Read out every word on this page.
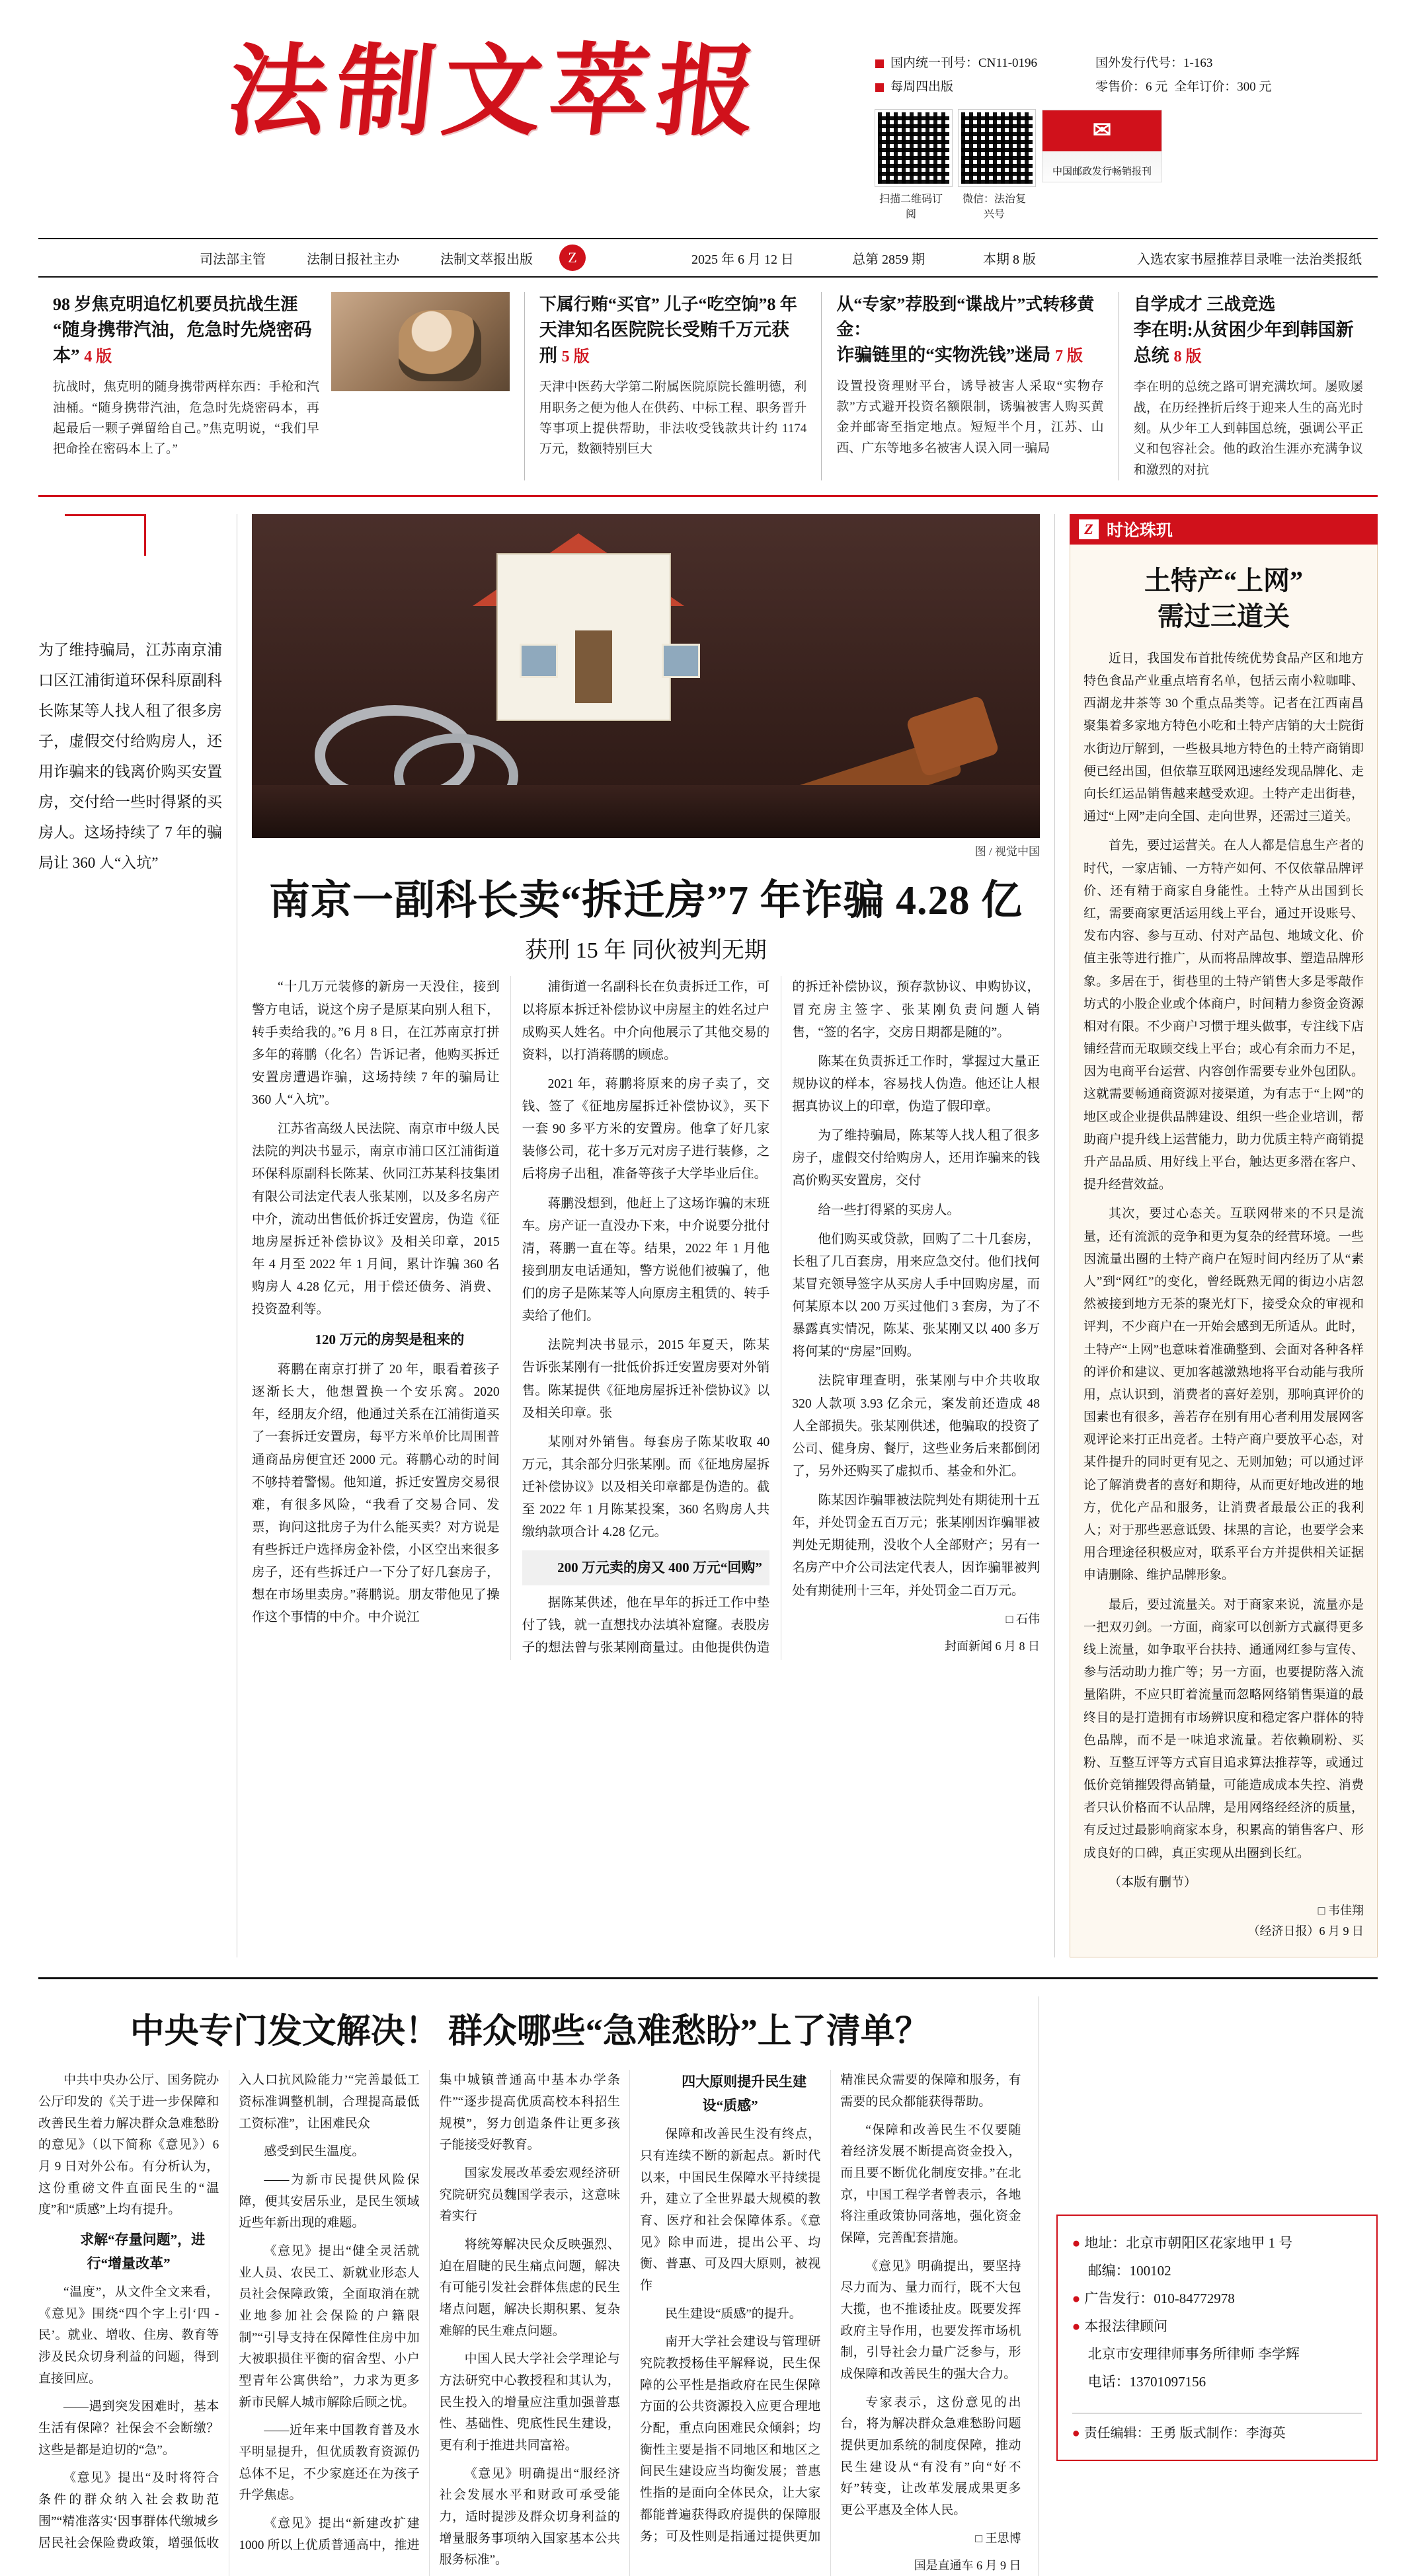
法制文萃报	国内统一刊号：CN11-0196	国外发行代号：1-163
每周四出版	零售价：6 元 全年订价：300 元
扫描二维码订阅
微信：法治复兴号
✉
中国邮政发行畅销报刊
司法部主管	法制日报社主办	法制文萃报出版	Z	2025 年 6 月 12 日	总第 2859 期	本期 8 版	入选农家书屋推荐目录唯一法治类报纸
98 岁焦克明追忆机要员抗战生涯
“随身携带汽油，危急时先烧密码本” 4 版
抗战时，焦克明的随身携带两样东西：手枪和汽油桶。“随身携带汽油，危急时先烧密码本，再起最后一颗子弹留给自己。”焦克明说，“我们早把命拴在密码本上了。”
下属行贿“买官” 儿子“吃空饷”8 年
天津知名医院院长受贿千万元获刑 5 版
天津中医药大学第二附属医院原院长雒明德，利用职务之便为他人在供药、中标工程、职务晋升等事项上提供帮助，非法收受钱款共计约 1174 万元，数额特别巨大
从“专家”荐股到“谍战片”式转移黄金：
诈骗链里的“实物洗钱”迷局 7 版
设置投资理财平台，诱导被害人采取“实物存款”方式避开投资名额限制，诱骗被害人购买黄金并邮寄至指定地点。短短半个月，江苏、山西、广东等地多名被害人误入同一骗局
自学成才 三战竞选
李在明:从贫困少年到韩国新总统 8 版
李在明的总统之路可谓充满坎坷。屡败屡战，在历经挫折后终于迎来人生的高光时刻。从少年工人到韩国总统，强调公平正义和包容社会。他的政治生涯亦充满争议和激烈的对抗
为了维持骗局，江苏南京浦口区江浦街道环保科原副科长陈某等人找人租了很多房子，虚假交付给购房人，还用诈骗来的钱离价购买安置房，交付给一些时得紧的买房人。这场持续了 7 年的骗局让 360 人“入坑”
图 / 视觉中国
南京一副科长卖“拆迁房”7 年诈骗 4.28 亿
获刑 15 年 同伙被判无期

“十几万元装修的新房一天没住，接到警方电话，说这个房子是原某向别人租下，转手卖给我的。”6 月 8 日，在江苏南京打拼多年的蒋鹏（化名）告诉记者，他购买拆迁安置房遭遇诈骗，这场持续 7 年的骗局让 360 人“入坑”。

江苏省高级人民法院、南京市中级人民法院的判决书显示，南京市浦口区江浦街道环保科原副科长陈某、伙同江苏某科技集团有限公司法定代表人张某刚，以及多名房产中介，流动出售低价拆迁安置房，伪造《征地房屋拆迁补偿协议》及相关印章，2015 年 4 月至 2022 年 1 月间，累计诈骗 360 名购房人 4.28 亿元，用于偿还债务、消费、投资盈利等。

120 万元的房契是租来的

蒋鹏在南京打拼了 20 年，眼看着孩子逐渐长大，他想置换一个安乐窝。2020 年，经朋友介绍，他通过关系在江浦街道买了一套拆迁安置房，每平方米单价比周围普通商品房便宜还 2000 元。蒋鹏心动的时间不够持着警惕。他知道，拆迁安置房交易很难，有很多风险，“我看了交易合同、发票，询问这批房子为什么能买卖？对方说是有些拆迁户选择房金补偿，小区空出来很多房子，还有些拆迁户一下分了好几套房子，想在市场里卖房。”蒋鹏说。朋友带他见了操作这个事情的中介。中介说江

浦街道一名副科长在负责拆迁工作，可以将原本拆迁补偿协议中房屋主的姓名过户成购买人姓名。中介向他展示了其他交易的资料，以打消蒋鹏的顾虑。

2021 年，蒋鹏将原来的房子卖了，交钱、签了《征地房屋拆迁补偿协议》，买下一套 90 多平方米的安置房。他拿了好几家装修公司，花十多万元对房子进行装修，之后将房子出租，准备等孩子大学毕业后住。

蒋鹏没想到，他赶上了这场诈骗的末班车。房产证一直没办下来，中介说要分批付清，蒋鹏一直在等。结果，2022 年 1 月他接到朋友电话通知，警方说他们被骗了，他们的房子是陈某等人向原房主租赁的、转手卖给了他们。

法院判决书显示，2015 年夏天，陈某告诉张某刚有一批低价拆迁安置房要对外销售。陈某提供《征地房屋拆迁补偿协议》以及相关印章。张

某刚对外销售。每套房子陈某收取 40 万元，其余部分归张某刚。而《征地房屋拆迁补偿协议》以及相关印章都是伪造的。截至 2022 年 1 月陈某投案，360 名购房人共缴纳款项合计 4.28 亿元。

200 万元卖的房又 400 万元“回购”

据陈某供述，他在早年的拆迁工作中垫付了钱，就一直想找办法填补窟窿。表股房子的想法曾与张某刚商量过。由他提供伪造的拆迁补偿协议，预存款协议、申购协议，冒充房主签字、张某刚负责问题人销售，“签的名字，交房日期都是随的”。

陈某在负责拆迁工作时，掌握过大量正规协议的样本，容易找人伪造。他还让人根据真协议上的印章，伪造了假印章。

为了维持骗局，陈某等人找人租了很多房子，虚假交付给购房人，还用诈骗来的钱高价购买安置房，交付

给一些打得紧的买房人。

他们购买或贷款，回购了二十几套房，长租了几百套房，用来应急交付。他们找何某冒充领导签字从买房人手中回购房屋，而何某原本以 200 万买过他们 3 套房，为了不暴露真实情况，陈某、张某刚又以 400 多万将何某的“房屋”回购。

法院审理查明，张某刚与中介共收取 320 人款项 3.93 亿余元，案发前还造成 48 人全部损失。张某刚供述，他骗取的投资了公司、健身房、餐厅，这些业务后来都倒闭了，另外还购买了虚拟币、基金和外汇。

陈某因诈骗罪被法院判处有期徒刑十五年，并处罚金五百万元；张某刚因诈骗罪被判处无期徒刑，没收个人全部财产；另有一名房产中介公司法定代表人，因诈骗罪被判处有期徒刑十三年，并处罚金二百万元。

□ 石伟

封面新闻 6 月 8 日

Z 时论珠玑
土特产“上网”
需过三道关

近日，我国发布首批传统优势食品产区和地方特色食品产业重点培育名单，包括云南小粒咖啡、西湖龙井茶等 30 个重点品类等。记者在江西南昌聚集着多家地方特色小吃和土特产店销的大士院街水街边厅解到，一些极具地方特色的土特产商销即便已经出国，但依靠互联网迅速经发现品牌化、走向长红运品销售越来越受欢迎。土特产走出街巷，通过“上网”走向全国、走向世界，还需过三道关。

首先，要过运营关。在人人都是信息生产者的时代，一家店铺、一方特产如何、不仅依靠品牌评价、还有精于商家自身能性。土特产从出国到长红，需要商家更活运用线上平台，通过开设账号、发布内容、参与互动、付对产品包、地域文化、价值主张等进行推广，从而将品牌故事、塑造品牌形象。多居在于，街巷里的土特产销售大多是零敲作坊式的小股企业或个体商户，时间精力参资金资源相对有限。不少商户习惯于埋头做事，专注线下店铺经营而无取顾交线上平台；或心有余而力不足，因为电商平台运营、内容创作需要专业外包团队。这就需要畅通商资源对接渠道，为有志于“上网”的地区或企业提供品牌建设、组织一些企业培训，帮助商户提升线上运营能力，助力优质主特产商销提升产品品质、用好线上平台，触达更多潜在客户、提升经营效益。

其次，要过心态关。互联网带来的不只是流量，还有流派的竞争和更为复杂的经营环境。一些因流量出圈的土特产商户在短时间内经历了从“素人”到“网红”的变化，曾经既熟无闻的街边小店忽然被接到地方无茶的聚光灯下，接受众众的审视和评判，不少商户在一开始会感到无所适从。此时，土特产“上网”也意味着准确整到、会面对各种各样的评价和建议、更加客越激熟地将平台动能与我所用，点认识到，消费者的喜好差别，那响真评价的国素也有很多，善若存在别有用心者利用发展网客观评论来打正出竞者。土特产商户要放平心态，对某件提升的同时更有见之、无则加勉；可以通过评论了解消费者的喜好和期待，从而更好地改进的地方，优化产品和服务，让消费者最最公正的我利人；对于那些恶意诋毁、抹黑的言论，也要学会来用合理途径积极应对，联系平台方并提供相关证据申请删除、维护品牌形象。

最后，要过流量关。对于商家来说，流量亦是一把双刃剑。一方面，商家可以创新方式赢得更多线上流量，如争取平台扶持、通通网红参与宣传、参与活动助力推广等；另一方面，也要提防落入流量陷阱，不应只盯着流量而忽略网络销售渠道的最终目的是打造拥有市场辨识度和稳定客户群体的特色品牌，而不是一味追求流量。若依赖刷粉、买粉、互整互评等方式盲目追求算法推荐等，或通过低价竞销摧毁得高销量，可能造成成本失控、消费者只认价格而不认品牌，是用网络经经济的质量，有反过过最影响商家本身，积累高的销售客户、形成良好的口碑，真正实现从出圈到长红。

（本版有删节）

□ 韦佳翔
（经济日报）6 月 9 日
中央专门发文解决！ 群众哪些“急难愁盼”上了清单？

中共中央办公厅、国务院办公厅印发的《关于进一步保障和改善民生着力解决群众急难愁盼的意见》（以下简称《意见》）6 月 9 日对外公布。有分析认为，这份重磅文件直面民生的“温度”和“质感”上均有提升。

求解“存量问题”，进行“增量改革”

“温度”，从文件全文来看，《意见》围绕“四个字上引‘四 - 民’。就业、增收、住房、教育等涉及民众切身利益的问题，得到直接回应。

——遇到突发困难时，基本生活有保障？社保会不会断缴？这些是都是迫切的“急”。

《意见》提出“及时将符合条件的群众纳入社会救助范围”“精准落实‘因事群体代缴城乡居民社会保险费政策，增强低收入人口抗风险能力’“完善最低工资标准调整机制，合理提高最低工资标准”，让困难民众

感受到民生温度。

——为新市民提供风险保障，便其安居乐业，是民生领域近些年新出现的难题。

《意见》提出“健全灵活就业人员、农民工、新就业形态人员社会保障政策，全面取消在就业地参加社会保险的户籍限制”“引导支持在保障性住房中加大被职损住平衡的宿舍型、小户型青年公寓供给”，力求为更多新市民解人城市解除后顾之忧。

——近年来中国教育普及水平明显提升，但优质教育资源仍总体不足，不少家庭还在为孩子升学焦虑。

《意见》提出“新建改扩建 1000 所以上优质普通高中，推进集中城镇普通高中基本办学条件”“逐步提高优质高校本科招生规模”，努力创造条件让更多孩子能接受好教育。

国家发展改革委宏观经济研究院研究员魏国学表示，这意味着实行

将统筹解决民众反映强烈、迫在眉睫的民生痛点问题，解决有可能引发社会群体焦虑的民生堵点问题，解决长期积累、复杂难解的民生难点问题。

中国人民大学社会学理论与方法研究中心教授程和其认为，民生投入的增量应注重加强普惠性、基础性、兜底性民生建设，更有利于推进共同富裕。

《意见》明确提出“服经济社会发展水平和财政可承受能力，适时提涉及群众切身利益的增量服务事项纳入国家基本公共服务标准”。

四大原则提升民生建设“质感”

保障和改善民生没有终点，只有连续不断的新起点。新时代以来，中国民生保障水平持续提升，建立了全世界最大规模的教育、医疗和社会保障体系。《意见》除申而进，提出公平、均衡、普惠、可及四大原则，被视作

民生建设“质感”的提升。

南开大学社会建设与管理研究院教授杨佳平解释说，民生保障的公平性是指政府在民生保障方面的公共资源投入应更合理地分配，重点向困难民众倾斜；均衡性主要是指不同地区和地区之间民生建设应当均衡发展；普惠性指的是面向全体民众，让大家都能普遍获得政府提供的保障服务；可及性则是指通过提供更加精准民众需要的保障和服务，有需要的民众都能获得帮助。

“保障和改善民生不仅要随着经济发展不断提高资金投入，而且要不断优化制度安排。”在北京，中国工程学者曾表示，各地将注重政策协同落地，强化资金保障，完善配套措施。

《意见》明确提出，要坚持尽力而为、量力而行，既不大包大揽，也不推诿扯皮。既要发挥政府主导作用，也要发挥市场机制，引导社会力量广泛参与，形成保障和改善民生的强大合力。

专家表示，这份意见的出台，将为解决群众急难愁盼问题提供更加系统的制度保障，推动民生建设从“有没有”向“好不好”转变，让改革发展成果更多更公平惠及全体人民。

□ 王思博

国是直通车 6 月 9 日

● 地址：北京市朝阳区花家地甲 1 号
邮编：100102
● 广告发行：010-84772978
● 本报法律顾问
北京市安理律师事务所律师 李学辉
电话：13701097156
● 责任编辑：王勇 版式制作：李海英
